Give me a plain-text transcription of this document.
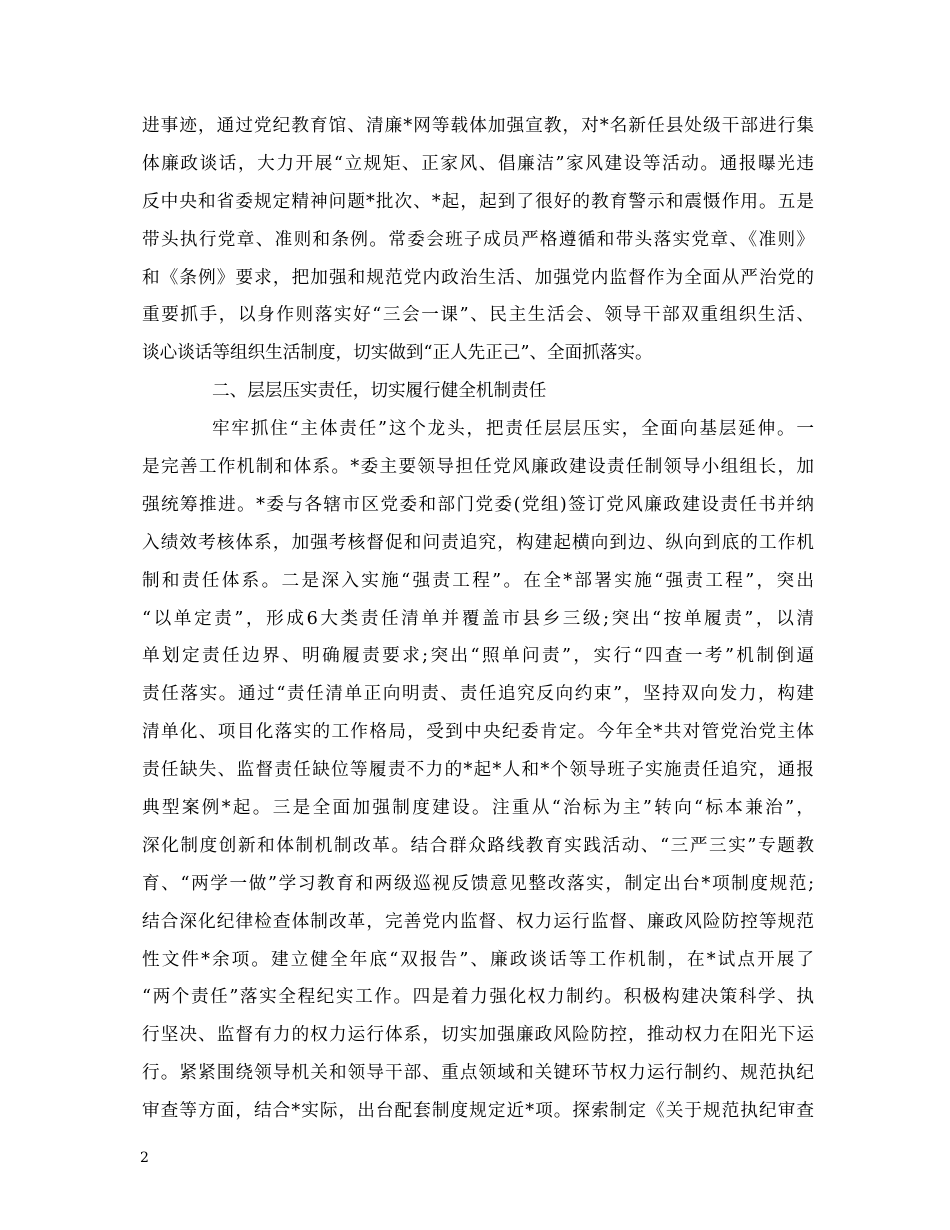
进事迹，通过党纪教育馆、清廉*网等载体加强宣教，对*名新任县处级干部进行集
体廉政谈话，大力开展“立规矩、正家风、倡廉洁”家风建设等活动。通报曝光违
反中央和省委规定精神问题*批次、*起，起到了很好的教育警示和震慑作用。五是
带头执行党章、准则和条例。常委会班子成员严格遵循和带头落实党章、《准则》
和《条例》要求，把加强和规范党内政治生活、加强党内监督作为全面从严治党的
重要抓手，以身作则落实好“三会一课”、民主生活会、领导干部双重组织生活、
谈心谈话等组织生活制度，切实做到“正人先正己”、全面抓落实。
二、层层压实责任，切实履行健全机制责任
牢牢抓住“主体责任”这个龙头，把责任层层压实，全面向基层延伸。一
是完善工作机制和体系。*委主要领导担任党风廉政建设责任制领导小组组长，加
强统筹推进。*委与各辖市区党委和部门党委(党组)签订党风廉政建设责任书并纳
入绩效考核体系，加强考核督促和问责追究，构建起横向到边、纵向到底的工作机
制和责任体系。二是深入实施“强责工程”。在全*部署实施“强责工程”，突出
“以单定责”，形成6大类责任清单并覆盖市县乡三级;突出“按单履责”，以清
单划定责任边界、明确履责要求;突出“照单问责”，实行“四查一考”机制倒逼
责任落实。通过“责任清单正向明责、责任追究反向约束”，坚持双向发力，构建
清单化、项目化落实的工作格局，受到中央纪委肯定。今年全*共对管党治党主体
责任缺失、监督责任缺位等履责不力的*起*人和*个领导班子实施责任追究，通报
典型案例*起。三是全面加强制度建设。注重从“治标为主”转向“标本兼治”，
深化制度创新和体制机制改革。结合群众路线教育实践活动、“三严三实”专题教
育、“两学一做”学习教育和两级巡视反馈意见整改落实，制定出台*项制度规范;
结合深化纪律检查体制改革，完善党内监督、权力运行监督、廉政风险防控等规范
性文件*余项。建立健全年底“双报告”、廉政谈话等工作机制，在*试点开展了
“两个责任”落实全程纪实工作。四是着力强化权力制约。积极构建决策科学、执
行坚决、监督有力的权力运行体系，切实加强廉政风险防控，推动权力在阳光下运
行。紧紧围绕领导机关和领导干部、重点领域和关键环节权力运行制约、规范执纪
审查等方面，结合*实际，出台配套制度规定近*项。探索制定《关于规范执纪审查
2
